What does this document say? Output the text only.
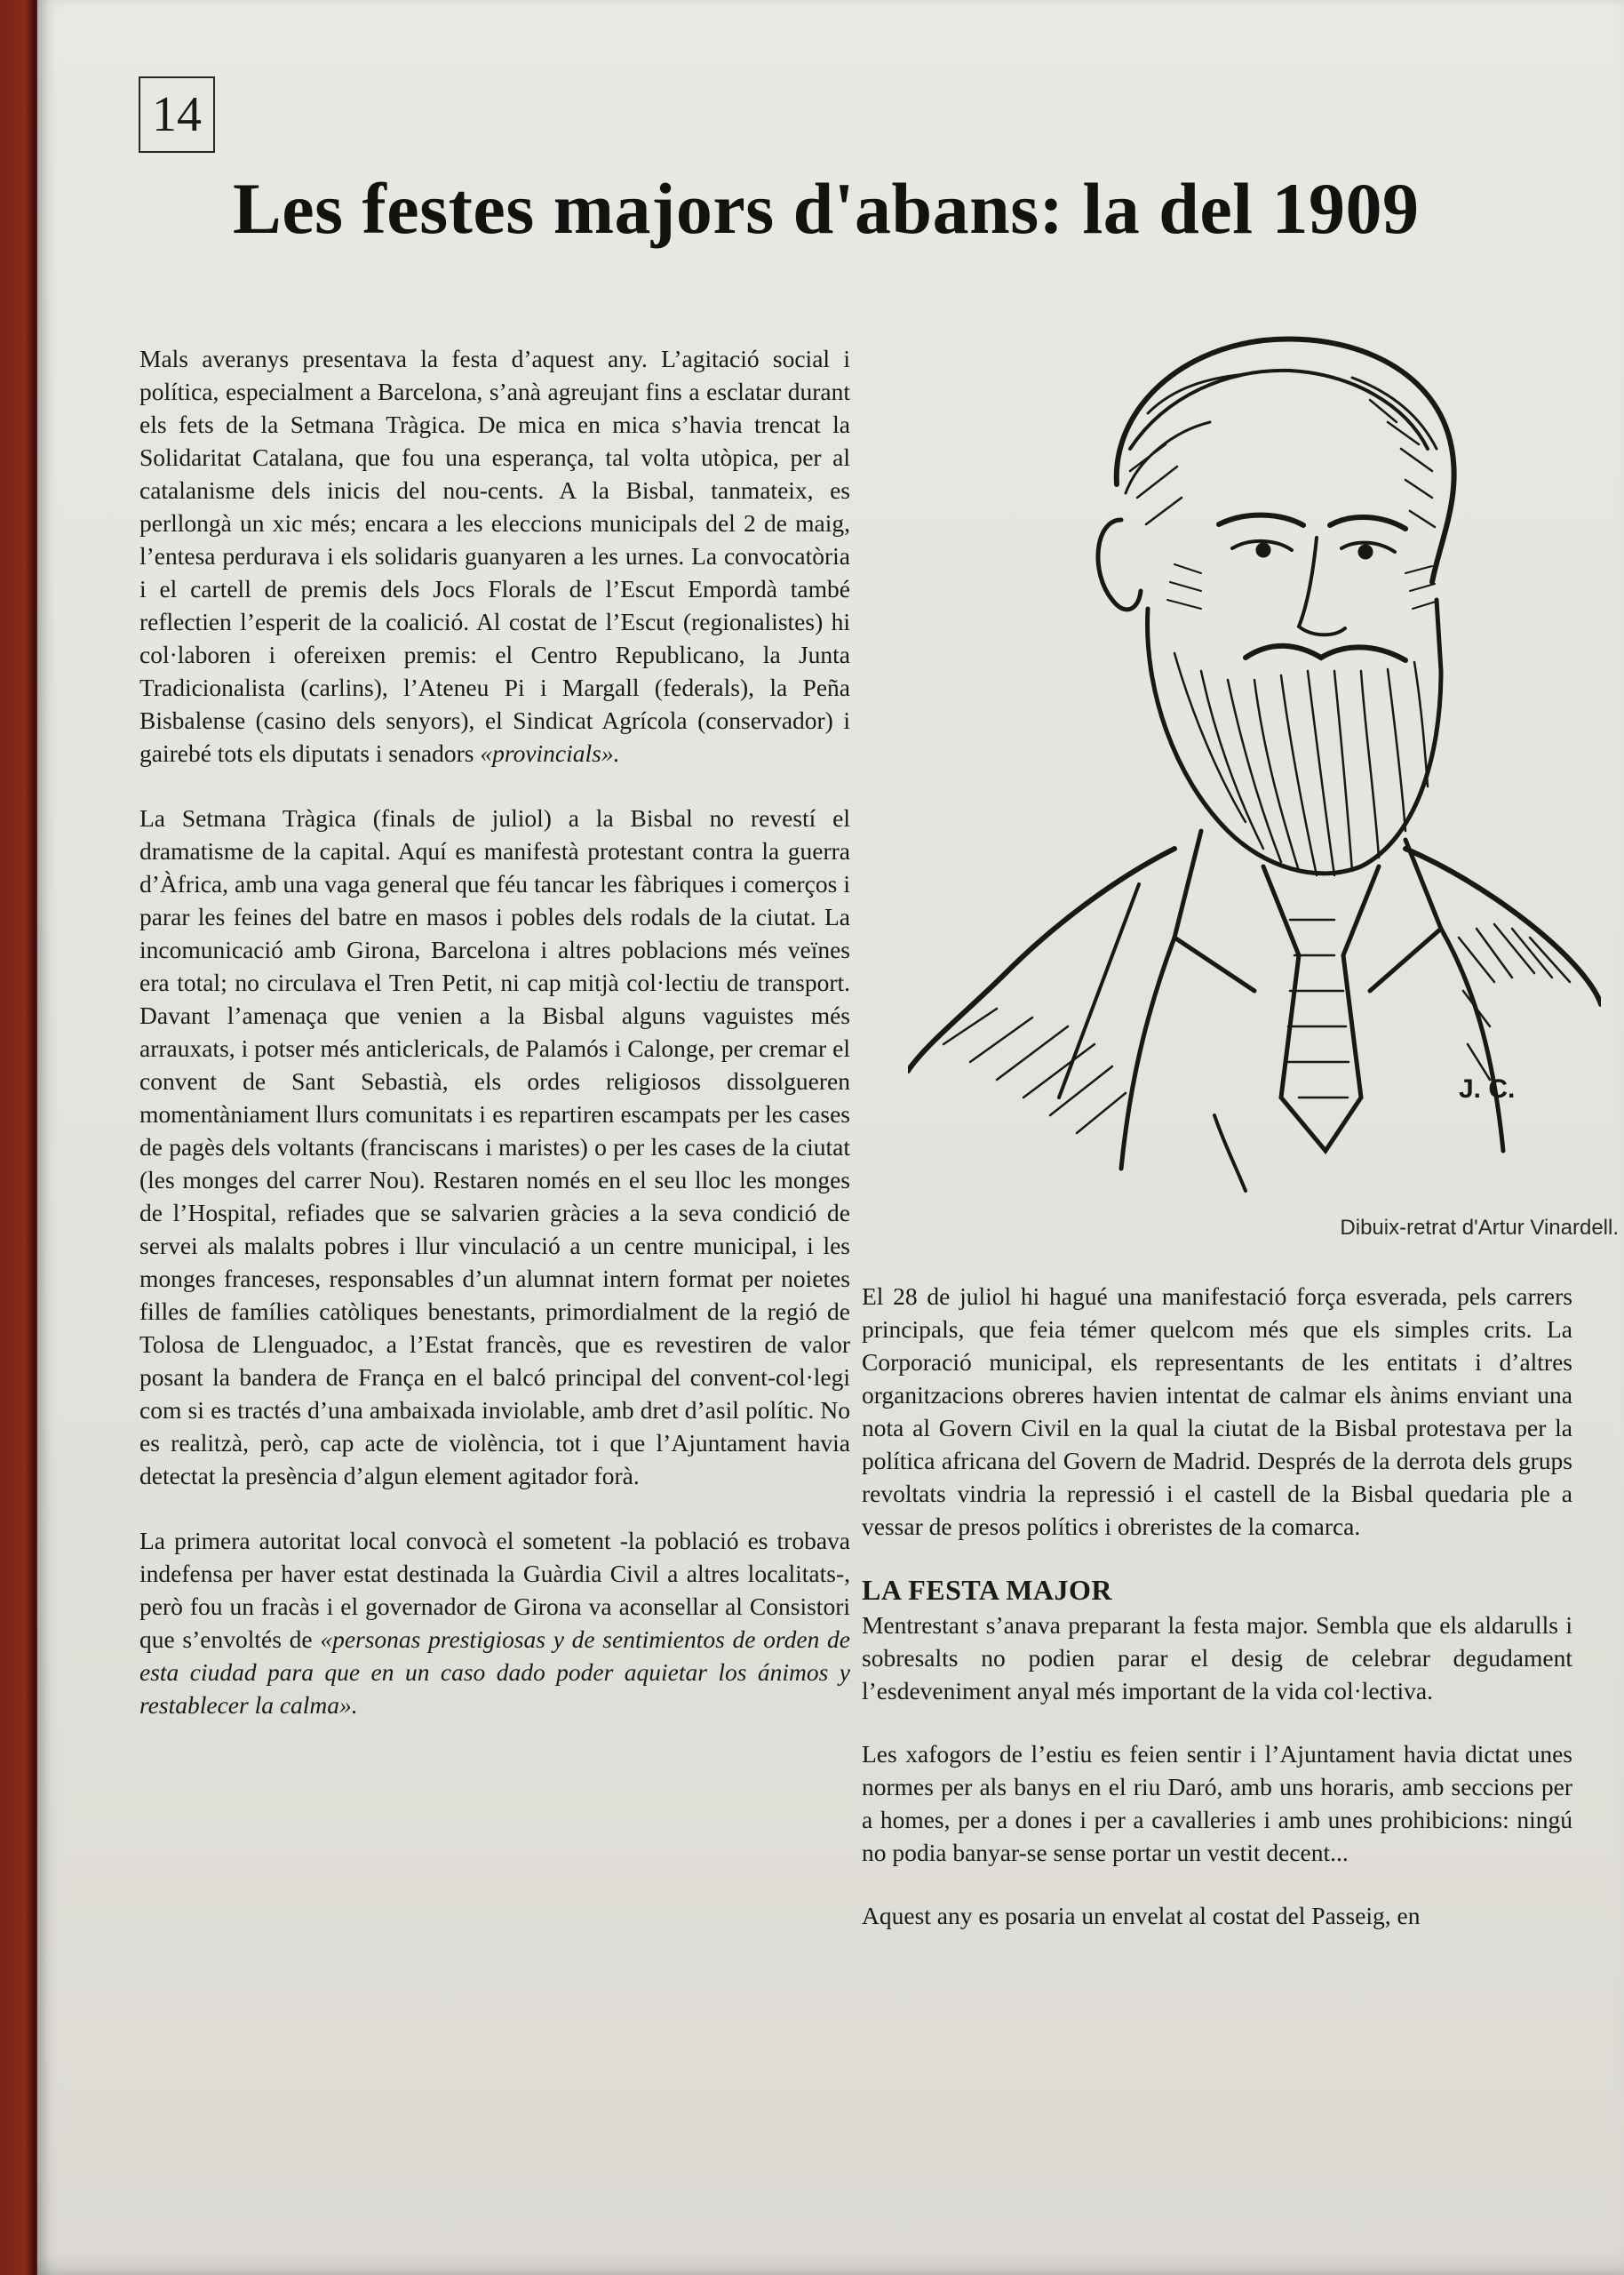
14
Les festes majors d'abans: la del 1909

Mals averanys presentava la festa d’aquest any. L’agitació social i política, especialment a Barcelona, s’anà agreujant fins a esclatar durant els fets de la Setmana Tràgica. De mica en mica s’havia trencat la Solidaritat Catalana, que fou una esperança, tal volta utòpica, per al catalanisme dels inicis del nou-cents. A la Bisbal, tanmateix, es perllongà un xic més; encara a les eleccions municipals del 2 de maig, l’entesa perdurava i els solidaris guanyaren a les urnes. La convocatòria i el cartell de premis dels Jocs Florals de l’Escut Empordà també reflectien l’esperit de la coalició. Al costat de l’Escut (regionalistes) hi col·laboren i ofereixen premis: el Centro Republicano, la Junta Tradicionalista (carlins), l’Ateneu Pi i Margall (federals), la Peña Bisbalense (casino dels senyors), el Sindicat Agrícola (conservador) i gairebé tots els diputats i senadors «provincials».

La Setmana Tràgica (finals de juliol) a la Bisbal no revestí el dramatisme de la capital. Aquí es manifestà protestant contra la guerra d’Àfrica, amb una vaga general que féu tancar les fàbriques i comerços i parar les feines del batre en masos i pobles dels rodals de la ciutat. La incomunicació amb Girona, Barcelona i altres poblacions més veïnes era total; no circulava el Tren Petit, ni cap mitjà col·lectiu de transport. Davant l’amenaça que venien a la Bisbal alguns vaguistes més arrauxats, i potser més anticlericals, de Palamós i Calonge, per cremar el convent de Sant Sebastià, els ordes religiosos dissolgueren momentàniament llurs comunitats i es repartiren escampats per les cases de pagès dels voltants (franciscans i maristes) o per les cases de la ciutat (les monges del carrer Nou). Restaren només en el seu lloc les monges de l’Hospital, refiades que se salvarien gràcies a la seva condició de servei als malalts pobres i llur vinculació a un centre municipal, i les monges franceses, responsables d’un alumnat intern format per noietes filles de famílies catòliques benestants, primordialment de la regió de Tolosa de Llenguadoc, a l’Estat francès, que es revestiren de valor posant la bandera de França en el balcó principal del convent-col·legi com si es tractés d’una ambaixada inviolable, amb dret d’asil polític. No es realitzà, però, cap acte de violència, tot i que l’Ajuntament havia detectat la presència d’algun element agitador forà.

La primera autoritat local convocà el sometent -la població es trobava indefensa per haver estat destinada la Guàrdia Civil a altres localitats-, però fou un fracàs i el governador de Girona va aconsellar al Consistori que s’envoltés de «personas prestigiosas y de sentimientos de orden de esta ciudad para que en un caso dado poder aquietar los ánimos y restablecer la calma».

J. C.
Dibuix-retrat d'Artur Vinardell.

El 28 de juliol hi hagué una manifestació força esverada, pels carrers principals, que feia témer quelcom més que els simples crits. La Corporació municipal, els representants de les entitats i d’altres organitzacions obreres havien intentat de calmar els ànims enviant una nota al Govern Civil en la qual la ciutat de la Bisbal protestava per la política africana del Govern de Madrid. Després de la derrota dels grups revoltats vindria la repressió i el castell de la Bisbal quedaria ple a vessar de presos polítics i obreristes de la comarca.

LA FESTA MAJOR

Mentrestant s’anava preparant la festa major. Sembla que els aldarulls i sobresalts no podien parar el desig de celebrar degudament l’esdeveniment anyal més important de la vida col·lectiva.

Les xafogors de l’estiu es feien sentir i l’Ajuntament havia dictat unes normes per als banys en el riu Daró, amb uns horaris, amb seccions per a homes, per a dones i per a cavalleries i amb unes prohibicions: ningú no podia banyar-se sense portar un vestit decent...

Aquest any es posaria un envelat al costat del Passeig, en
